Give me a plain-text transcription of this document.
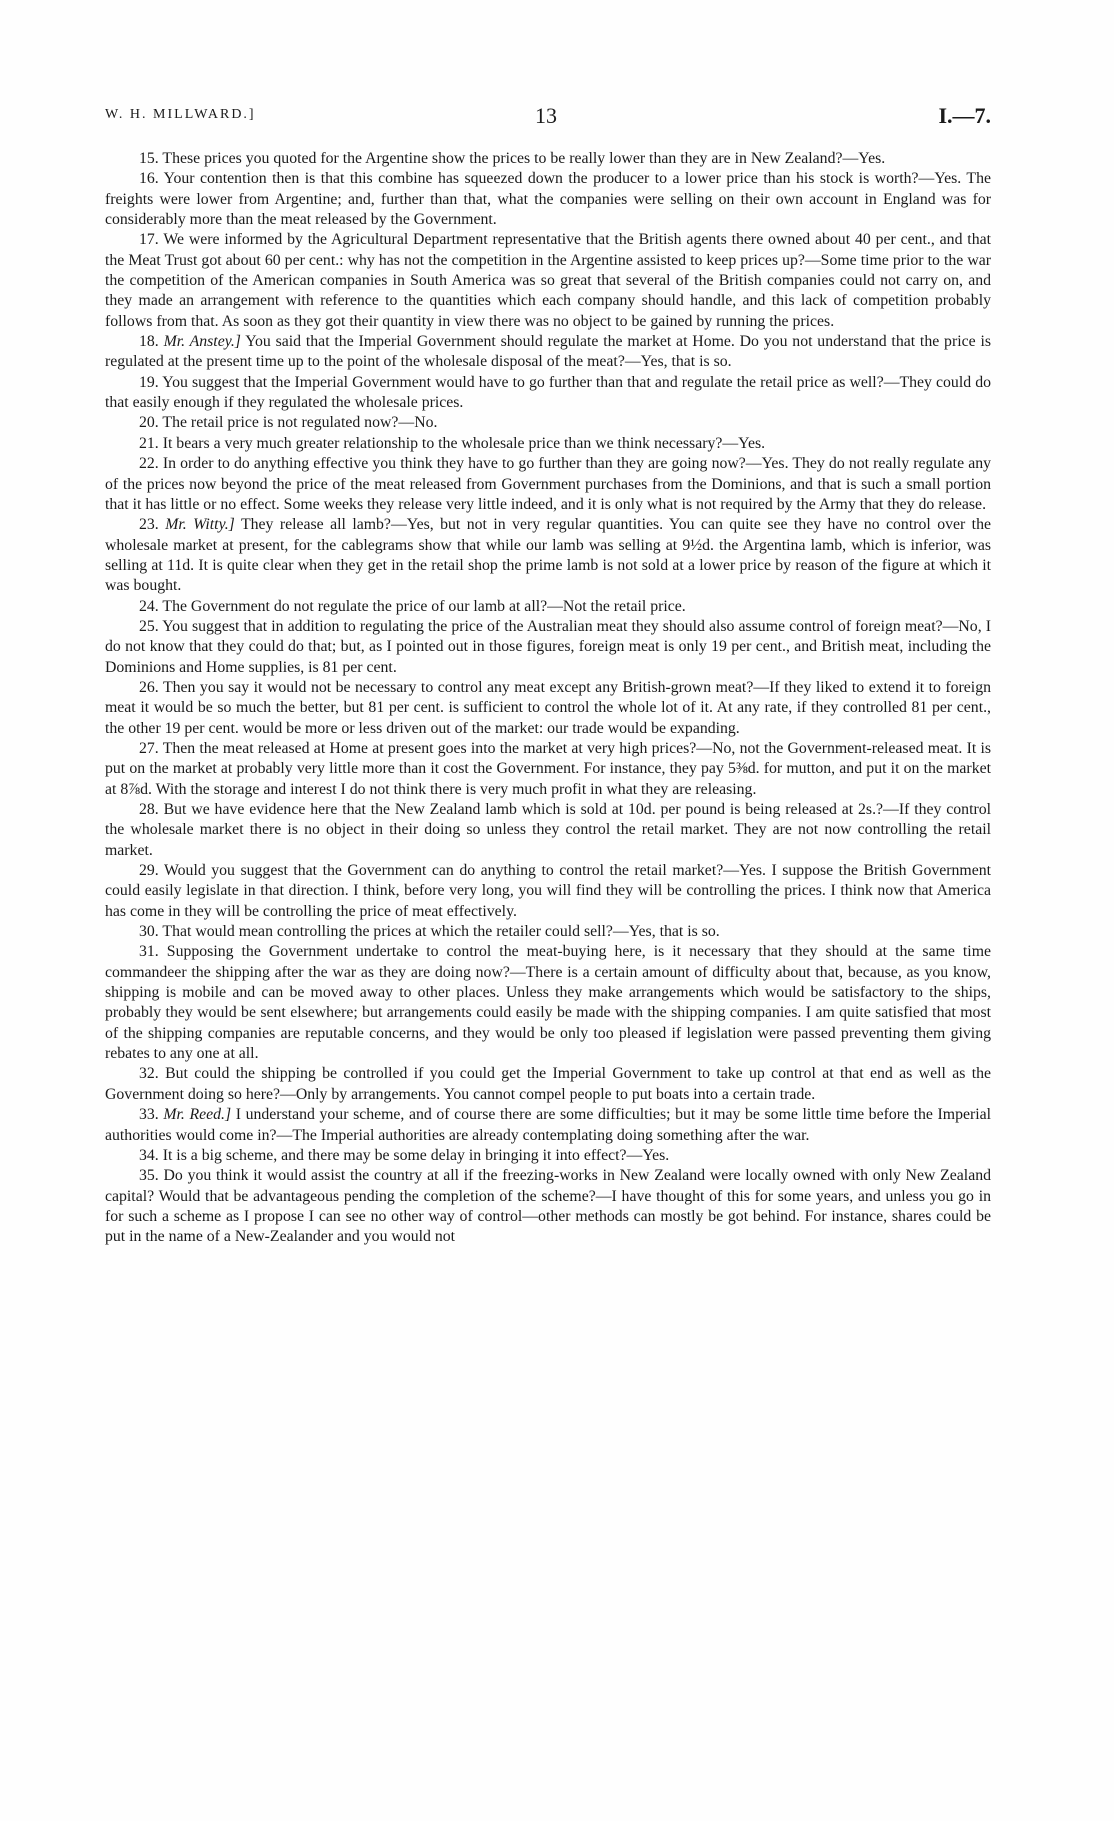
W. H. MILLWARD.]	13	I.—7.

15. These prices you quoted for the Argentine show the prices to be really lower than they are in New Zealand?—Yes.

16. Your contention then is that this combine has squeezed down the producer to a lower price than his stock is worth?—Yes. The freights were lower from Argentine; and, further than that, what the companies were selling on their own account in England was for considerably more than the meat released by the Government.

17. We were informed by the Agricultural Department representative that the British agents there owned about 40 per cent., and that the Meat Trust got about 60 per cent.: why has not the competition in the Argentine assisted to keep prices up?—Some time prior to the war the competition of the American companies in South America was so great that several of the British companies could not carry on, and they made an arrangement with reference to the quantities which each company should handle, and this lack of competition probably follows from that. As soon as they got their quantity in view there was no object to be gained by running the prices.

18. Mr. Anstey.] You said that the Imperial Government should regulate the market at Home. Do you not understand that the price is regulated at the present time up to the point of the wholesale disposal of the meat?—Yes, that is so.

19. You suggest that the Imperial Government would have to go further than that and regulate the retail price as well?—They could do that easily enough if they regulated the wholesale prices.

20. The retail price is not regulated now?—No.

21. It bears a very much greater relationship to the wholesale price than we think necessary?—Yes.

22. In order to do anything effective you think they have to go further than they are going now?—Yes. They do not really regulate any of the prices now beyond the price of the meat released from Government purchases from the Dominions, and that is such a small portion that it has little or no effect. Some weeks they release very little indeed, and it is only what is not required by the Army that they do release.

23. Mr. Witty.] They release all lamb?—Yes, but not in very regular quantities. You can quite see they have no control over the wholesale market at present, for the cablegrams show that while our lamb was selling at 9½d. the Argentina lamb, which is inferior, was selling at 11d. It is quite clear when they get in the retail shop the prime lamb is not sold at a lower price by reason of the figure at which it was bought.

24. The Government do not regulate the price of our lamb at all?—Not the retail price.

25. You suggest that in addition to regulating the price of the Australian meat they should also assume control of foreign meat?—No, I do not know that they could do that; but, as I pointed out in those figures, foreign meat is only 19 per cent., and British meat, including the Dominions and Home supplies, is 81 per cent.

26. Then you say it would not be necessary to control any meat except any British-grown meat?—If they liked to extend it to foreign meat it would be so much the better, but 81 per cent. is sufficient to control the whole lot of it. At any rate, if they controlled 81 per cent., the other 19 per cent. would be more or less driven out of the market: our trade would be expanding.

27. Then the meat released at Home at present goes into the market at very high prices?—No, not the Government-released meat. It is put on the market at probably very little more than it cost the Government. For instance, they pay 5⅜d. for mutton, and put it on the market at 8⅞d. With the storage and interest I do not think there is very much profit in what they are releasing.

28. But we have evidence here that the New Zealand lamb which is sold at 10d. per pound is being released at 2s.?—If they control the wholesale market there is no object in their doing so unless they control the retail market. They are not now controlling the retail market.

29. Would you suggest that the Government can do anything to control the retail market?—Yes. I suppose the British Government could easily legislate in that direction. I think, before very long, you will find they will be controlling the prices. I think now that America has come in they will be controlling the price of meat effectively.

30. That would mean controlling the prices at which the retailer could sell?—Yes, that is so.

31. Supposing the Government undertake to control the meat-buying here, is it necessary that they should at the same time commandeer the shipping after the war as they are doing now?—There is a certain amount of difficulty about that, because, as you know, shipping is mobile and can be moved away to other places. Unless they make arrangements which would be satisfactory to the ships, probably they would be sent elsewhere; but arrangements could easily be made with the shipping companies. I am quite satisfied that most of the shipping companies are reputable concerns, and they would be only too pleased if legislation were passed preventing them giving rebates to any one at all.

32. But could the shipping be controlled if you could get the Imperial Government to take up control at that end as well as the Government doing so here?—Only by arrangements. You cannot compel people to put boats into a certain trade.

33. Mr. Reed.] I understand your scheme, and of course there are some difficulties; but it may be some little time before the Imperial authorities would come in?—The Imperial authorities are already contemplating doing something after the war.

34. It is a big scheme, and there may be some delay in bringing it into effect?—Yes.

35. Do you think it would assist the country at all if the freezing-works in New Zealand were locally owned with only New Zealand capital? Would that be advantageous pending the completion of the scheme?—I have thought of this for some years, and unless you go in for such a scheme as I propose I can see no other way of control—other methods can mostly be got behind. For instance, shares could be put in the name of a New-Zealander and you would not
